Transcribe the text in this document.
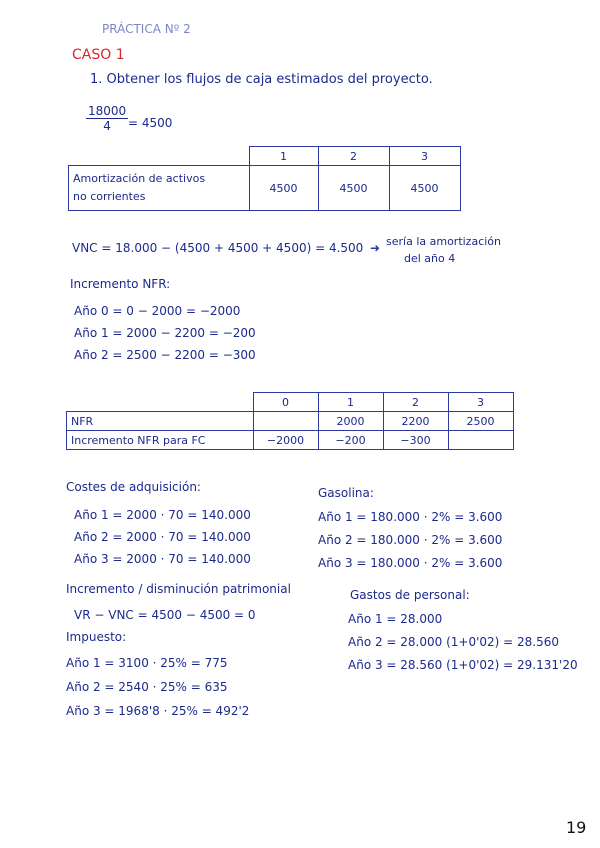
PRÁCTICA Nº 2
CASO 1
1. Obtener los flujos de caja estimados del proyecto.
$\frac{18000}{4} = 4500$
	1	2	3
Amortización de activos
no corrientes	4500	4500	4500
VNC = 18.000 − (4500 + 4500 + 4500) = 4.500 ➜ sería la amortización
del año 4
Incremento NFR:
Año 0 = 0 − 2000 = −2000
Año 1 = 2000 − 2200 = −200
Año 2 = 2500 − 2200 = −300
	0	1	2	3
NFR		2000	2200	2500
Incremento NFR para FC	−2000	−200	−300	
Costes de adquisición:
Año 1 = 2000 · 70 = 140.000
Año 2 = 2000 · 70 = 140.000
Año 3 = 2000 · 70 = 140.000
Gasolina:
Año 1 = 180.000 · 2% = 3.600
Año 2 = 180.000 · 2% = 3.600
Año 3 = 180.000 · 2% = 3.600
Incremento / disminución patrimonial
VR − VNC = 4500 − 4500 = 0
Gastos de personal:
Año 1 = 28.000
Año 2 = 28.000 (1+0'02) = 28.560
Año 3 = 28.560 (1+0'02) = 29.131'20
Impuesto:
Año 1 = 3100 · 25% = 775
Año 2 = 2540 · 25% = 635
Año 3 = 1968'8 · 25% = 492'2
19
